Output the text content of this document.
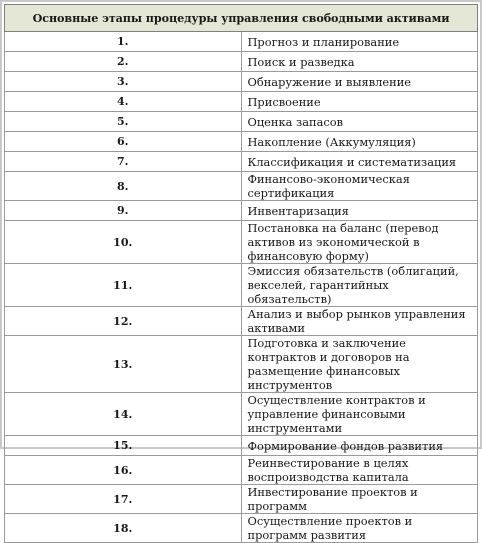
Основные этапы процедуры управления свободными активами	
1.	Прогноз и планирование
2.	Поиск и разведка
3.	Обнаружение и выявление
4.	Присвоение
5.	Оценка запасов
6.	Накопление (Аккумуляция)
7.	Классификация и систематизация
8.	Финансово-экономическая сертификация
9.	Инвентаризация
10.	Постановка на баланс (перевод активов из экономической в финансовую форму)
11.	Эмиссия обязательств (облигаций, векселей, гарантийных обязательств)
12.	Анализ и выбор рынков управления активами
13.	Подготовка и заключение контрактов и договоров на размещение финансовых инструментов
14.	Осуществление контрактов и управление финансовыми инструментами
15.	Формирование фондов развития
16.	Реинвестирование в целях воспроизводства капитала
17.	Инвестирование проектов и программ
18.	Осуществление проектов и программ развития
